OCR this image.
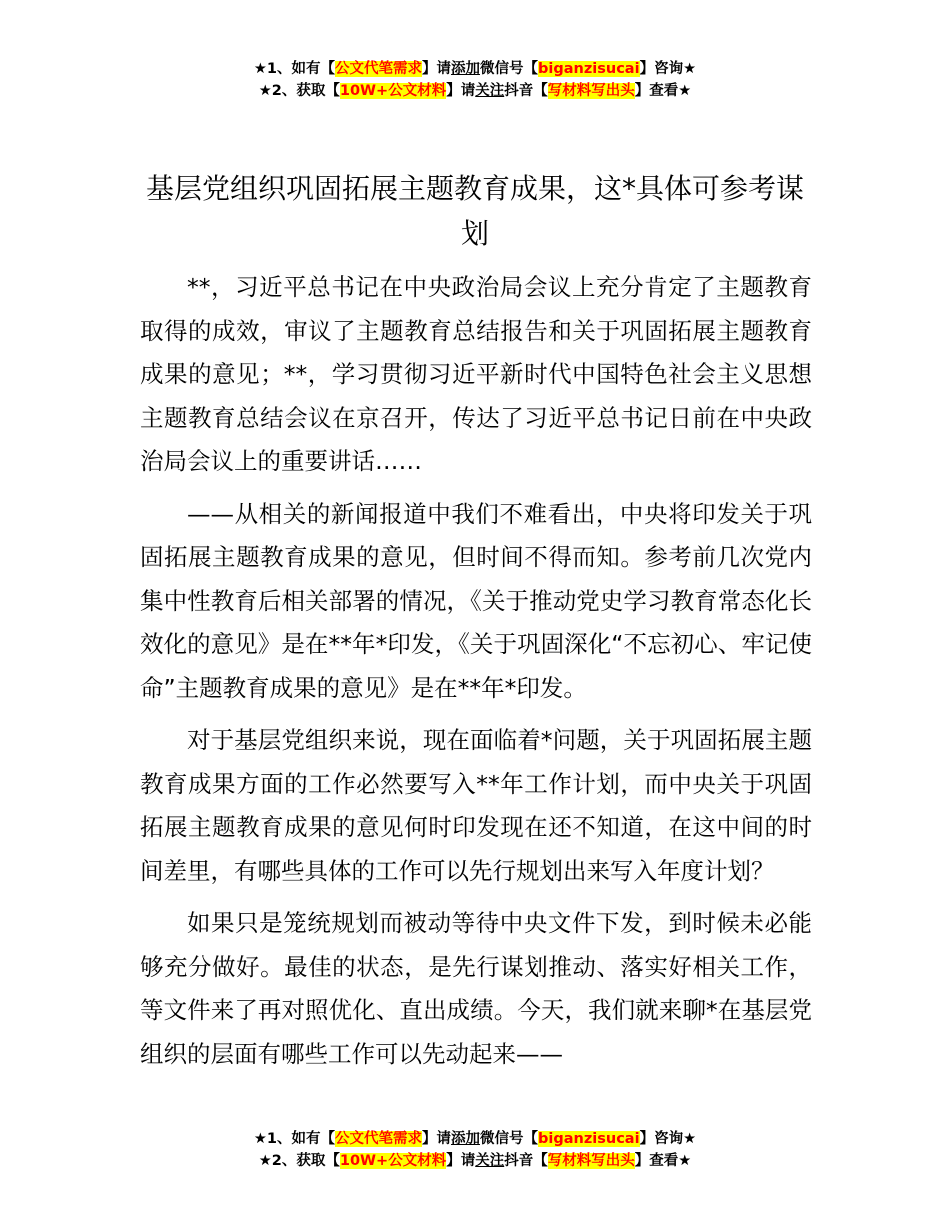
★1、如有【公文代笔需求】请添加微信号【biganzisucai】咨询★
★2、获取【10W+公文材料】请关注抖音【写材料写出头】查看★
基层党组织巩固拓展主题教育成果，这*具体可参考谋划

**，习近平总书记在中央政治局会议上充分肯定了主题教育取得的成效，审议了主题教育总结报告和关于巩固拓展主题教育成果的意见；**，学习贯彻习近平新时代中国特色社会主义思想主题教育总结会议在京召开，传达了习近平总书记日前在中央政治局会议上的重要讲话……

——从相关的新闻报道中我们不难看出，中央将印发关于巩固拓展主题教育成果的意见，但时间不得而知。参考前几次党内集中性教育后相关部署的情况，《关于推动党史学习教育常态化长效化的意见》是在**年*印发，《关于巩固深化“不忘初心、牢记使命”主题教育成果的意见》是在**年*印发。

对于基层党组织来说，现在面临着*问题，关于巩固拓展主题教育成果方面的工作必然要写入**年工作计划，而中央关于巩固拓展主题教育成果的意见何时印发现在还不知道，在这中间的时间差里，有哪些具体的工作可以先行规划出来写入年度计划？

如果只是笼统规划而被动等待中央文件下发，到时候未必能够充分做好。最佳的状态，是先行谋划推动、落实好相关工作，等文件来了再对照优化、直出成绩。今天，我们就来聊*在基层党组织的层面有哪些工作可以先动起来——

★1、如有【公文代笔需求】请添加微信号【biganzisucai】咨询★
★2、获取【10W+公文材料】请关注抖音【写材料写出头】查看★
